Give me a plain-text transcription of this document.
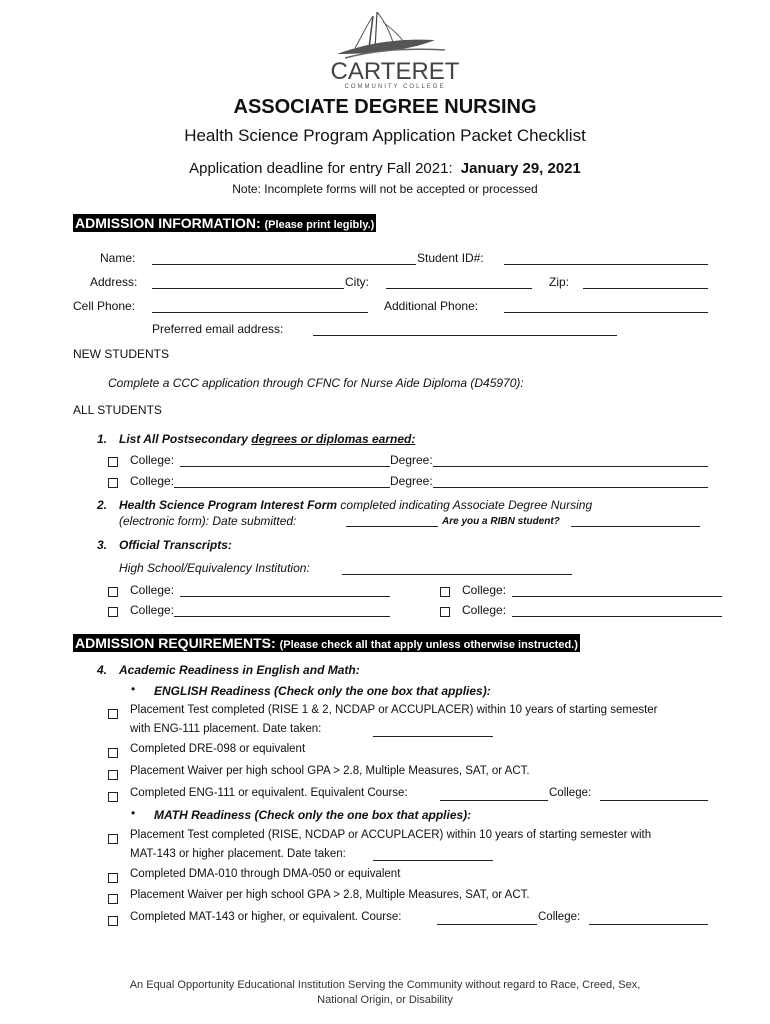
CARTERET
COMMUNITY COLLEGE
ASSOCIATE DEGREE NURSING
Health Science Program Application Packet Checklist
Application deadline for entry Fall 2021: January 29, 2021
Note: Incomplete forms will not be accepted or processed
ADMISSION INFORMATION: (Please print legibly.)
Name:	Student ID#:
Address:	City:	Zip:
Cell Phone:	Additional Phone:
Preferred email address:
NEW STUDENTS
Complete a CCC application through CFNC for Nurse Aide Diploma (D45970):
ALL STUDENTS
1. List All Postsecondary degrees or diplomas earned:
College:	Degree:
College:	Degree:
2. Health Science Program Interest Form completed indicating Associate Degree Nursing
(electronic form): Date submitted:	Are you a RIBN student?
3. Official Transcripts:
High School/Equivalency Institution:
College:	College:
College:	College:
ADMISSION REQUIREMENTS: (Please check all that apply unless otherwise instructed.)
4. Academic Readiness in English and Math:
• ENGLISH Readiness (Check only the one box that applies):
Placement Test completed (RISE 1 & 2, NCDAP or ACCUPLACER) within 10 years of starting semester
with ENG-111 placement. Date taken:
Completed DRE-098 or equivalent
Placement Waiver per high school GPA > 2.8, Multiple Measures, SAT, or ACT.
Completed ENG-111 or equivalent. Equivalent Course:	College:
• MATH Readiness (Check only the one box that applies):
Placement Test completed (RISE, NCDAP or ACCUPLACER) within 10 years of starting semester with
MAT-143 or higher placement. Date taken:
Completed DMA-010 through DMA-050 or equivalent
Placement Waiver per high school GPA > 2.8, Multiple Measures, SAT, or ACT.
Completed MAT-143 or higher, or equivalent. Course:	College:
An Equal Opportunity Educational Institution Serving the Community without regard to Race, Creed, Sex,
National Origin, or Disability
